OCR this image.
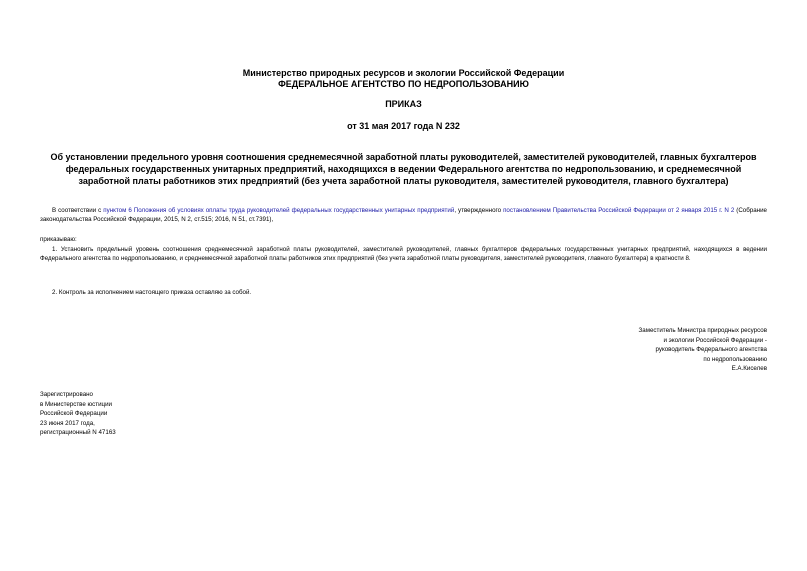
Министерство природных ресурсов и экологии Российской Федерации
ФЕДЕРАЛЬНОЕ АГЕНТСТВО ПО НЕДРОПОЛЬЗОВАНИЮ
ПРИКАЗ
от 31 мая 2017 года N 232
Об установлении предельного уровня соотношения среднемесячной заработной платы руководителей, заместителей руководителей, главных бухгалтеров федеральных государственных унитарных предприятий, находящихся в ведении Федерального агентства по недропользованию, и среднемесячной заработной платы работников этих предприятий (без учета заработной платы руководителя, заместителей руководителя, главного бухгалтера)
В соответствии с пунктом 6 Положения об условиях оплаты труда руководителей федеральных государственных унитарных предприятий, утвержденного постановлением Правительства Российской Федерации от 2 января 2015 г. N 2 (Собрание законодательства Российской Федерации, 2015, N 2, ст.515; 2016, N 51, ст.7391),
приказываю:
1. Установить предельный уровень соотношения среднемесячной заработной платы руководителей, заместителей руководителей, главных бухгалтеров федеральных государственных унитарных предприятий, находящихся в ведении Федерального агентства по недропользованию, и среднемесячной заработной платы работников этих предприятий (без учета заработной платы руководителя, заместителей руководителя, главного бухгалтера) в кратности 8.
2. Контроль за исполнением настоящего приказа оставляю за собой.
Заместитель Министра природных ресурсов
и экологии Российской Федерации -
руководитель Федерального агентства
по недропользованию
Е.А.Киселев
Зарегистрировано
в Министерстве юстиции
Российской Федерации
23 июня 2017 года,
регистрационный N 47163
